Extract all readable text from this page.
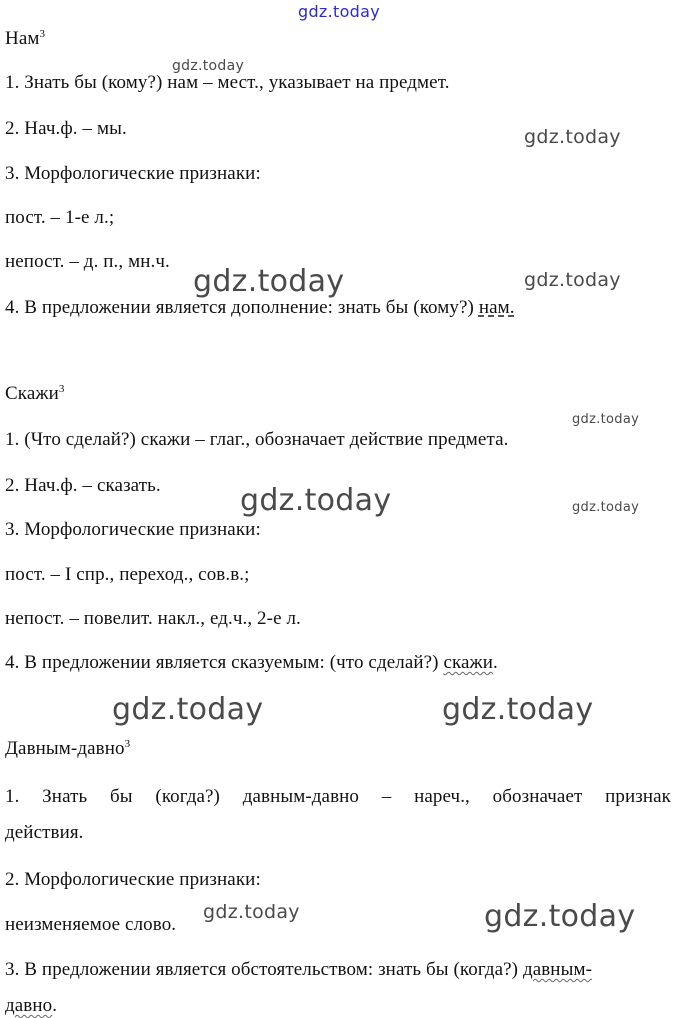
Нам$^3$
1. Знать бы (кому?) нам – мест., указывает на предмет.
2. Нач.ф. – мы.
3. Морфологические признаки:
пост. – 1-е л.;
непост. – д. п., мн.ч.
4. В предложении является дополнение: знать бы (кому?) нам.
Скажи$^3$
1. (Что сделай?) скажи – глаг., обозначает действие предмета.
2. Нач.ф. – сказать.
3. Морфологические признаки:
пост. – I спр., переход., сов.в.;
непост. – повелит. накл., ед.ч., 2-е л.
4. В предложении является сказуемым: (что сделай?) скажи.
Давным-давно$^3$
1. Знать бы (когда?) давным-давно – нареч., обозначает признак
действия.
2. Морфологические признаки:
неизменяемое слово.
3. В предложении является обстоятельством: знать бы (когда?) давным-
давно.
gdz.today
gdz.today
gdz.today
gdz.today	gdz.today
gdz.today
gdz.today	gdz.today
gdz.today	gdz.today
gdz.today	gdz.today
